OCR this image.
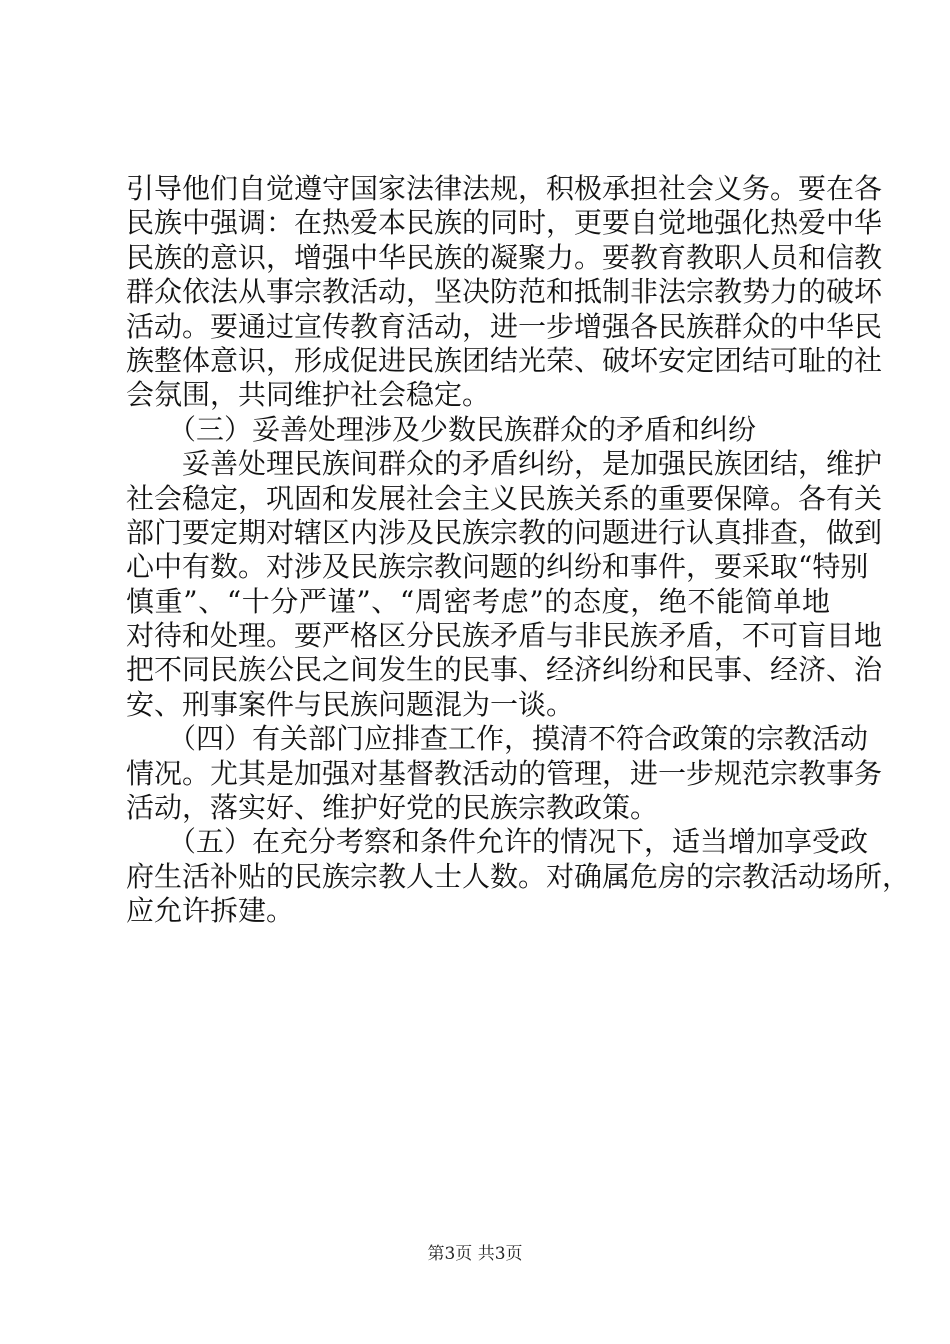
引导他们自觉遵守国家法律法规，积极承担社会义务。要在各
民族中强调：在热爱本民族的同时，更要自觉地强化热爱中华
民族的意识，增强中华民族的凝聚力。要教育教职人员和信教
群众依法从事宗教活动，坚决防范和抵制非法宗教势力的破坏
活动。要通过宣传教育活动，进一步增强各民族群众的中华民
族整体意识，形成促进民族团结光荣、破坏安定团结可耻的社
会氛围，共同维护社会稳定。
　　（三）妥善处理涉及少数民族群众的矛盾和纠纷
　　妥善处理民族间群众的矛盾纠纷，是加强民族团结，维护
社会稳定，巩固和发展社会主义民族关系的重要保障。各有关
部门要定期对辖区内涉及民族宗教的问题进行认真排查，做到
心中有数。对涉及民族宗教问题的纠纷和事件，要采取“特别
慎重”、“十分严谨”、“周密考虑”的态度，绝不能简单地
对待和处理。要严格区分民族矛盾与非民族矛盾，不可盲目地
把不同民族公民之间发生的民事、经济纠纷和民事、经济、治
安、刑事案件与民族问题混为一谈。
　　（四）有关部门应排查工作，摸清不符合政策的宗教活动
情况。尤其是加强对基督教活动的管理，进一步规范宗教事务
活动，落实好、维护好党的民族宗教政策。
　　（五）在充分考察和条件允许的情况下，适当增加享受政
府生活补贴的民族宗教人士人数。对确属危房的宗教活动场所，
应允许拆建。
第3页 共3页
